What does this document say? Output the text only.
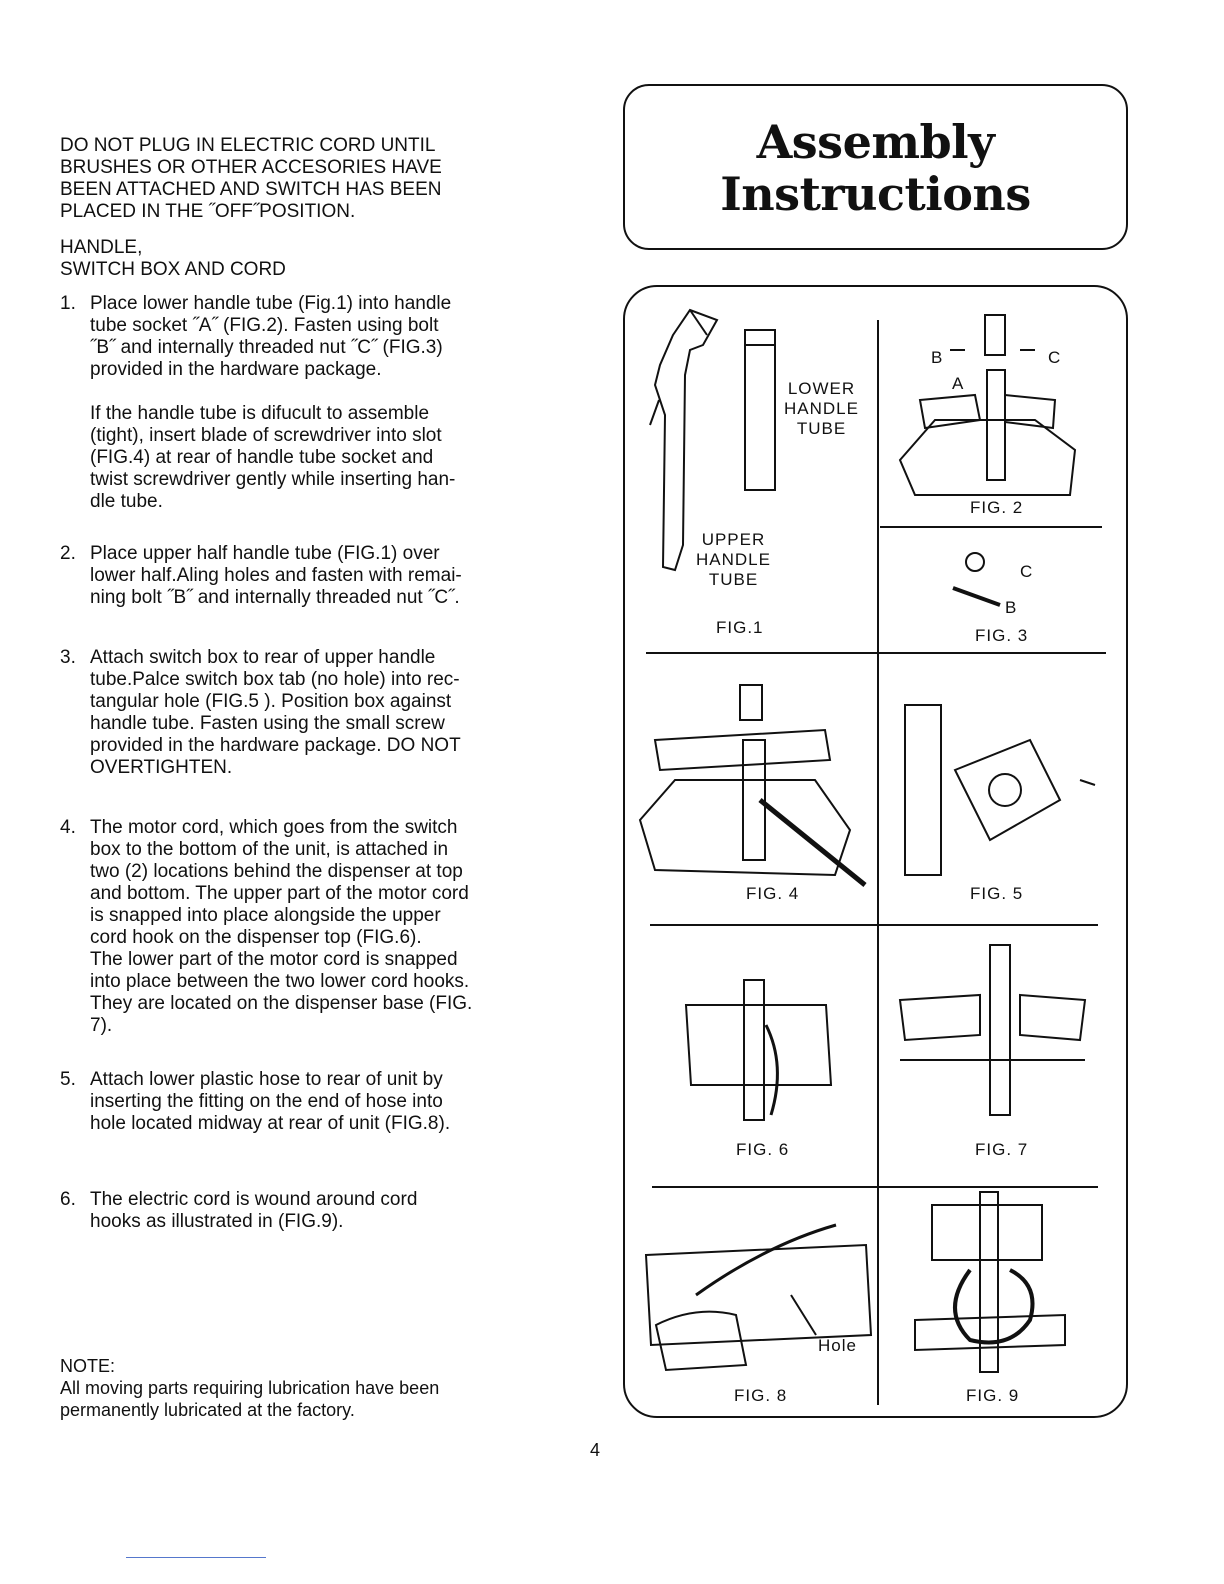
DO NOT PLUG IN ELECTRIC CORD UNTIL
BRUSHES OR OTHER ACCESORIES HAVE
BEEN ATTACHED AND SWITCH HAS BEEN
PLACED IN THE ˝OFF˝POSITION.
HANDLE,
SWITCH BOX AND CORD
1. Place lower handle tube (Fig.1) into handle
tube socket ˝A˝ (FIG.2). Fasten using bolt
˝B˝ and internally threaded nut ˝C˝ (FIG.3)
provided in the hardware package.

If the handle tube is difucult to assemble
(tight), insert blade of screwdriver into slot
(FIG.4) at rear of handle tube socket and
twist screwdriver gently while inserting han-
dle tube.

2. Place upper half handle tube (FIG.1) over
lower half.Aling holes and fasten with remai-
ning bolt ˝B˝ and internally threaded nut ˝C˝.

3. Attach switch box to rear of upper handle
tube.Palce switch box tab (no hole) into rec-
tangular hole (FIG.5 ). Position box against
handle tube. Fasten using the small screw
provided in the hardware package. DO NOT
OVERTIGHTEN.

4. The motor cord, which goes from the switch
box to the bottom of the unit, is attached in
two (2) locations behind the dispenser at top
and bottom. The upper part of the motor cord
is snapped into place alongside the upper
cord hook on the dispenser top (FIG.6).
The lower part of the motor cord is snapped
into place between the two lower cord hooks.
They are located on the dispenser base (FIG.
7).

5. Attach lower plastic hose to rear of unit by
inserting the fitting on the end of hose into
hole located midway at rear of unit (FIG.8).

6. The electric cord is wound around cord
hooks as illustrated in (FIG.9).

NOTE:
All moving parts requiring lubrication have been
permanently lubricated at the factory.
Assembly
Instructions
LOWER
HANDLE
TUBE
UPPER
HANDLE
TUBE
FIG.1
B	C
A
FIG. 2
C
B
FIG. 3
FIG. 4	FIG. 5
FIG. 6	FIG. 7
Hole
FIG. 8	FIG. 9
4
